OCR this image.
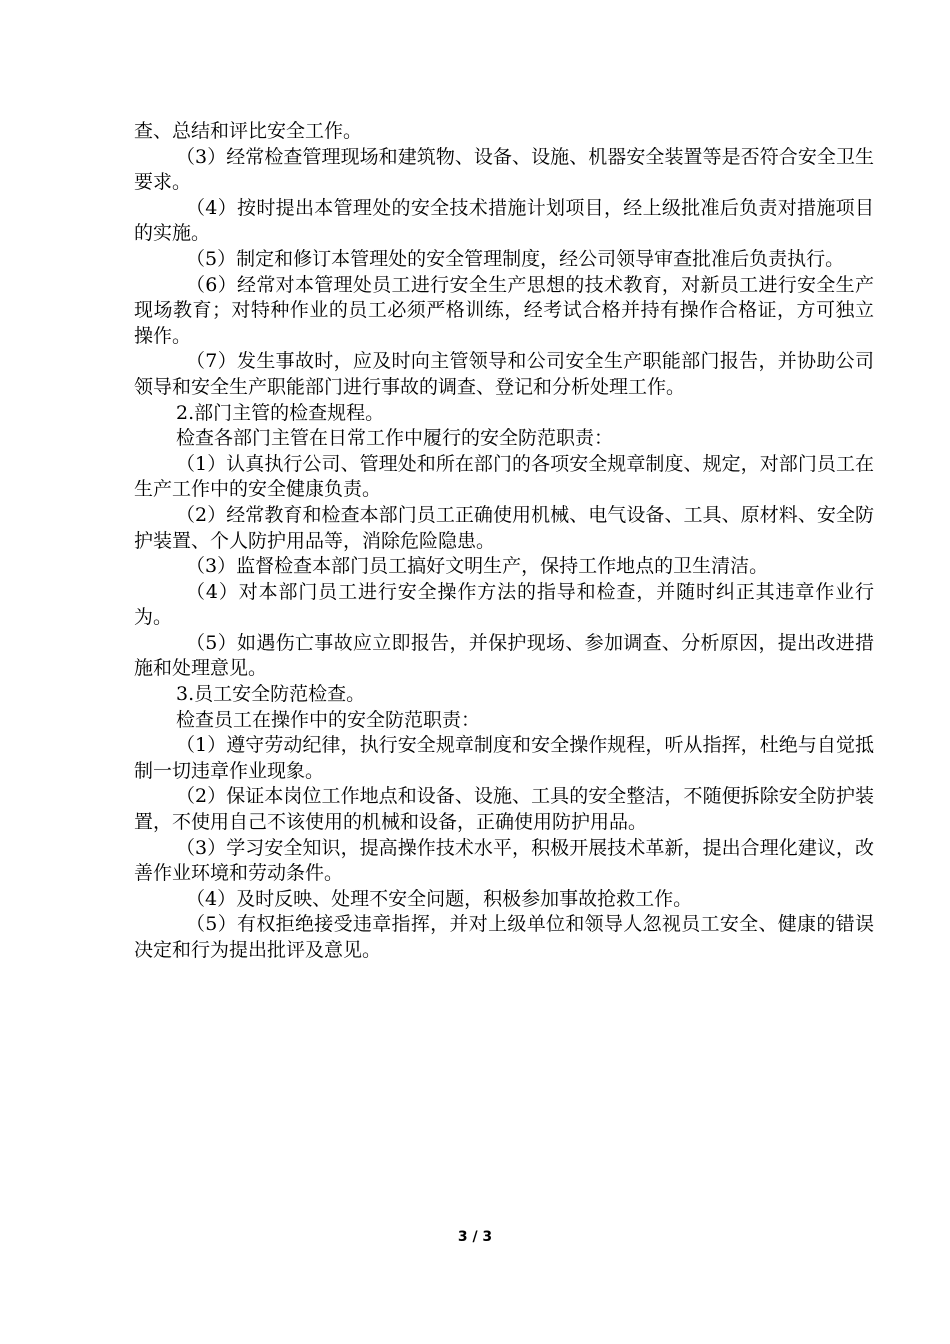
查、总结和评比安全工作。

（3）经常检查管理现场和建筑物、设备、设施、机器安全装置等是否符合安全卫生要求。

（4）按时提出本管理处的安全技术措施计划项目，经上级批准后负责对措施项目的实施。

（5）制定和修订本管理处的安全管理制度，经公司领导审查批准后负责执行。

（6）经常对本管理处员工进行安全生产思想的技术教育，对新员工进行安全生产现场教育；对特种作业的员工必须严格训练，经考试合格并持有操作合格证，方可独立操作。

（7）发生事故时，应及时向主管领导和公司安全生产职能部门报告，并协助公司领导和安全生产职能部门进行事故的调查、登记和分析处理工作。

2.部门主管的检查规程。

检查各部门主管在日常工作中履行的安全防范职责：

（1）认真执行公司、管理处和所在部门的各项安全规章制度、规定，对部门员工在生产工作中的安全健康负责。

（2）经常教育和检查本部门员工正确使用机械、电气设备、工具、原材料、安全防护装置、个人防护用品等，消除危险隐患。

（3）监督检查本部门员工搞好文明生产，保持工作地点的卫生清洁。

（4）对本部门员工进行安全操作方法的指导和检查，并随时纠正其违章作业行为。

（5）如遇伤亡事故应立即报告，并保护现场、参加调查、分析原因，提出改进措施和处理意见。

3.员工安全防范检查。

检查员工在操作中的安全防范职责：

（1）遵守劳动纪律，执行安全规章制度和安全操作规程，听从指挥，杜绝与自觉抵制一切违章作业现象。

（2）保证本岗位工作地点和设备、设施、工具的安全整洁，不随便拆除安全防护装置，不使用自己不该使用的机械和设备，正确使用防护用品。

（3）学习安全知识，提高操作技术水平，积极开展技术革新，提出合理化建议，改善作业环境和劳动条件。

（4）及时反映、处理不安全问题，积极参加事故抢救工作。

（5）有权拒绝接受违章指挥，并对上级单位和领导人忽视员工安全、健康的错误决定和行为提出批评及意见。

3 / 3
